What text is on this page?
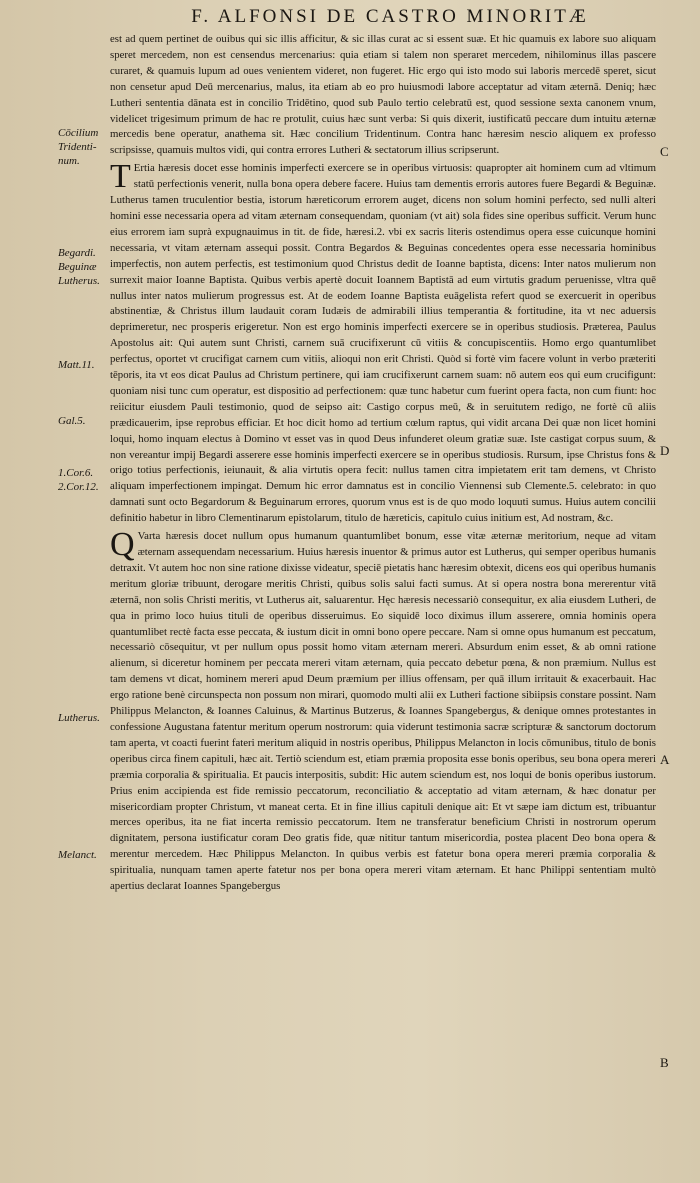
F. ALFONSI DE CASTRO MINORITÆ

est ad quem pertinet de ouibus qui sic illis afficitur, & sic illas curat ac si essent suæ. Et hic quamuis ex labore suo aliquam speret mercedem, non est censendus mercenarius: quia etiam si talem non speraret mercedem, nihilominus illas pascere curaret, & quamuis lupum ad oues venientem videret, non fugeret. Hic ergo qui isto modo sui laboris mercedē speret, sicut non censetur apud Deū mercenarius, malus, ita etiam ab eo pro huiusmodi labore acceptatur ad vitam æternā. Deniq; hæc Lutheri sententia dānata est in concilio Tridētino, quod sub Paulo tertio celebratū est, quod sessione sexta canonem vnum, videlicet trigesimum primum de hac re protulit, cuius hæc sunt verba: Si quis dixerit, iustificatū peccare dum intuitu æternæ mercedis bene operatur, anathema sit. Hæc concilium Tridentinum. Contra hanc hæresim nescio aliquem ex professo scripsisse, quamuis multos vidi, qui contra errores Lutheri & sectatorum illius scripserunt.

T Ertia hæresis docet esse hominis imperfecti exercere se in operibus virtuosis: quapropter ait hominem cum ad vltimum statū perfectionis venerit, nulla bona opera debere facere. Huius tam dementis erroris autores fuere Begardi & Beguinæ. Lutherus tamen truculentior bestia, istorum hæreticorum errorem auget, dicens non solum homini perfecto, sed nulli alteri homini esse necessaria opera ad vitam æternam consequendam, quoniam (vt ait) sola fides sine operibus sufficit. Verum hunc eius errorem iam suprà expugnauimus in tit. de fide, hæresi.2. vbi ex sacris literis ostendimus opera esse cuicunque homini necessaria, vt vitam æternam assequi possit. Contra Begardos & Beguinas concedentes opera esse necessaria hominibus imperfectis, non autem perfectis, est testimonium quod Christus dedit de Ioanne baptista, dicens: Inter natos mulierum non surrexit maior Ioanne Baptista. Quibus verbis apertè docuit Ioannem Baptistā ad eum virtutis gradum peruenisse, vltra quē nullus inter natos mulierum progressus est. At de eodem Ioanne Baptista euāgelista refert quod se exercuerit in operibus abstinentiæ, & Christus illum laudauit coram Iudæis de admirabili illius temperantia & fortitudine, ita vt nec aduersis deprimeretur, nec prosperis erigeretur. Non est ergo hominis imperfecti exercere se in operibus studiosis. Præterea, Paulus Apostolus ait: Qui autem sunt Christi, carnem suā crucifixerunt cū vitiis & concupiscentiis. Homo ergo quantumlibet perfectus, oportet vt crucifigat carnem cum vitiis, alioqui non erit Christi. Quòd si fortè vim facere volunt in verbo præteriti tēporis, ita vt eos dicat Paulus ad Christum pertinere, qui iam crucifixerunt carnem suam: nō autem eos qui eum crucifigunt: quoniam nisi tunc cum operatur, est dispositio ad perfectionem: quæ tunc habetur cum fuerint opera facta, non cum fiunt: hoc reiicitur eiusdem Pauli testimonio, quod de seipso ait: Castigo corpus meū, & in seruitutem redigo, ne fortè cū aliis prædicauerim, ipse reprobus efficiar. Et hoc dicit homo ad tertium cœlum raptus, qui vidit arcana Dei quæ non licet homini loqui, homo inquam electus à Domino vt esset vas in quod Deus infunderet oleum gratiæ suæ. Iste castigat corpus suum, & non vereantur impij Begardi asserere esse hominis imperfecti exercere se in operibus studiosis. Rursum, ipse Christus fons & origo totius perfectionis, ieiunauit, & alia virtutis opera fecit: nullus tamen citra impietatem erit tam demens, vt Christo aliquam imperfectionem impingat. Demum hic error damnatus est in concilio Viennensi sub Clemente.5. celebrato: in quo damnati sunt octo Begardorum & Beguinarum errores, quorum vnus est is de quo modo loquuti sumus. Huius autem concilii definitio habetur in libro Clementinarum epistolarum, titulo de hæreticis, capitulo cuius initium est, Ad nostram, &c.

Q Varta hæresis docet nullum opus humanum quantumlibet bonum, esse vitæ æternæ meritorium, neque ad vitam æternam assequendam necessarium. Huius hæresis inuentor & primus autor est Lutherus, qui semper operibus humanis detraxit. Vt autem hoc non sine ratione dixisse videatur, speciē pietatis hanc hæresim obtexit, dicens eos qui operibus humanis meritum gloriæ tribuunt, derogare meritis Christi, quibus solis salui facti sumus. At si opera nostra bona mererentur vitā æternā, non solis Christi meritis, vt Lutherus ait, saluarentur. Hęc hæresis necessariò consequitur, ex alia eiusdem Lutheri, de qua in primo loco huius tituli de operibus disseruimus. Eo siquidē loco diximus illum asserere, omnia hominis opera quantumlibet rectè facta esse peccata, & iustum dicit in omni bono opere peccare. Nam si omne opus humanum est peccatum, necessariò cōsequitur, vt per nullum opus possit homo vitam æternam mereri. Absurdum enim esset, & ab omni ratione alienum, si diceretur hominem per peccata mereri vitam æternam, quia peccato debetur pœna, & non præmium. Nullus est tam demens vt dicat, hominem mereri apud Deum præmium per illius offensam, per quā illum irritauit & exacerbauit. Hac ergo ratione benè circunspecta non possum non mirari, quomodo multi alii ex Lutheri factione sibiipsis constare possint. Nam Philippus Melancton, & Ioannes Caluinus, & Martinus Butzerus, & Ioannes Spangebergus, & denique omnes protestantes in confessione Augustana fatentur meritum operum nostrorum: quia viderunt testimonia sacræ scripturæ & sanctorum doctorum tam aperta, vt coacti fuerint fateri meritum aliquid in nostris operibus, Philippus Melancton in locis cōmunibus, titulo de bonis operibus circa finem capituli, hæc ait. Tertiò sciendum est, etiam præmia proposita esse bonis operibus, seu bona opera mereri præmia corporalia & spiritualia. Et paucis interpositis, subdit: Hic autem sciendum est, nos loqui de bonis operibus iustorum. Prius enim accipienda est fide remissio peccatorum, reconciliatio & acceptatio ad vitam æternam, & hæc donatur per misericordiam propter Christum, vt maneat certa. Et in fine illius capituli denique ait: Et vt sæpe iam dictum est, tribuantur merces operibus, ita ne fiat incerta remissio peccatorum. Item ne transferatur beneficium Christi in nostrorum operum dignitatem, persona iustificatur coram Deo gratis fide, quæ nititur tantum misericordia, postea placent Deo bona opera & merentur mercedem. Hæc Philippus Melancton. In quibus verbis est fatetur bona opera mereri præmia corporalia & spiritualia, nunquam tamen aperte fatetur nos per bona opera mereri vitam æternam. Et hanc Philippi sententiam multò apertius declarat Ioannes Spangebergus

Cōcilium Tridenti-num.
Begardi. Beguinæ Lutherus.
Matt.11.
Gal.5.
1.Cor.6. 2.Cor.12.
Lutherus.
Melanct.
C
D
A
B
